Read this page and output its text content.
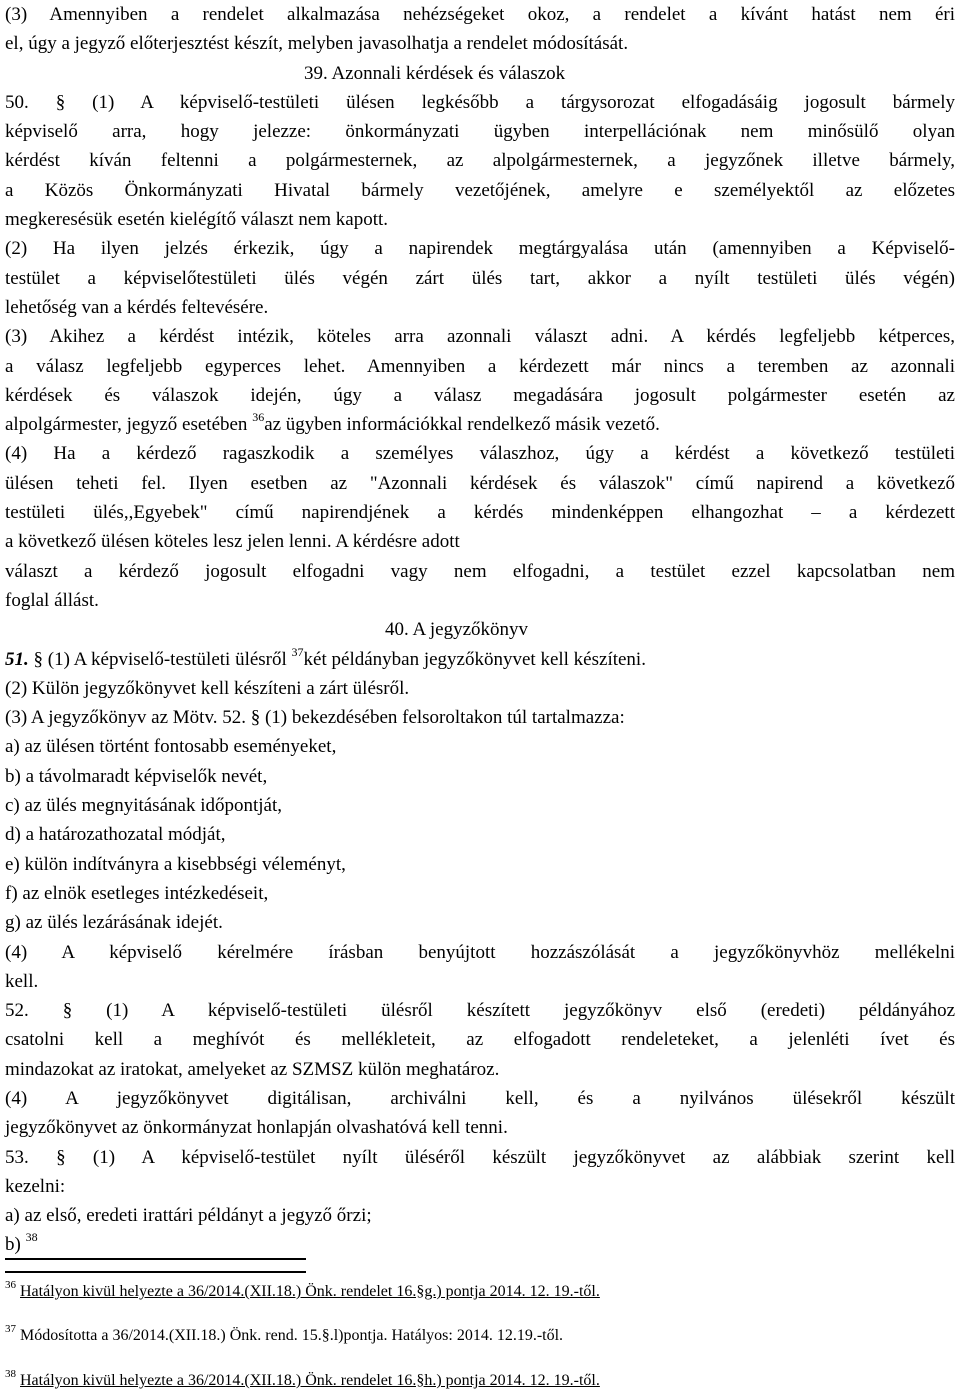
(3) Amennyiben a rendelet alkalmazása nehézségeket okoz, a rendelet a kívánt hatást nem éri
el, úgy a jegyző előterjesztést készít, melyben javasolhatja a rendelet módosítását.
39. Azonnali kérdések és válaszok
50. § (1) A képviselő-testületi ülésen legkésőbb a tárgysorozat elfogadásáig jogosult bármely
képviselő arra, hogy jelezze: önkormányzati ügyben interpellációnak nem minősülő olyan
kérdést kíván feltenni a polgármesternek, az alpolgármesternek, a jegyzőnek illetve bármely,
a Közös Önkormányzati Hivatal bármely vezetőjének, amelyre e személyektől az előzetes
megkeresésük esetén kielégítő választ nem kapott.
(2) Ha ilyen jelzés érkezik, úgy a napirendek megtárgyalása után (amennyiben a Képviselő-
testület a képviselőtestületi ülés végén zárt ülés tart, akkor a nyílt testületi ülés végén)
lehetőség van a kérdés feltevésére.
(3) Akihez a kérdést intézik, köteles arra azonnali választ adni. A kérdés legfeljebb kétperces,
a válasz legfeljebb egyperces lehet. Amennyiben a kérdezett már nincs a teremben az azonnali
kérdések és válaszok idején, úgy a válasz megadására jogosult polgármester esetén az
alpolgármester, jegyző esetében $^{36}$az ügyben információkkal rendelkező másik vezető.
(4) Ha a kérdező ragaszkodik a személyes válaszhoz, úgy a kérdést a következő testületi
ülésen teheti fel. Ilyen esetben az "Azonnali kérdések és válaszok" című napirend a következő
testületi ülés,,Egyebek" című napirendjének a kérdés mindenképpen elhangozhat – a kérdezett
a következő ülésen köteles lesz jelen lenni. A kérdésre adott
választ a kérdező jogosult elfogadni vagy nem elfogadni, a testület ezzel kapcsolatban nem
foglal állást.
40. A jegyzőkönyv
51. § (1) A képviselő-testületi ülésről $^{37}$két példányban jegyzőkönyvet kell készíteni.
(2) Külön jegyzőkönyvet kell készíteni a zárt ülésről.
(3) A jegyzőkönyv az Mötv. 52. § (1) bekezdésében felsoroltakon túl tartalmazza:
a) az ülésen történt fontosabb eseményeket,
b) a távolmaradt képviselők nevét,
c) az ülés megnyitásának időpontját,
d) a határozathozatal módját,
e) külön indítványra a kisebbségi véleményt,
f) az elnök esetleges intézkedéseit,
g) az ülés lezárásának idejét.
(4) A képviselő kérelmére írásban benyújtott hozzászólását a jegyzőkönyvhöz mellékelni
kell.
52. § (1) A képviselő-testületi ülésről készített jegyzőkönyv első (eredeti) példányához
csatolni kell a meghívót és mellékleteit, az elfogadott rendeleteket, a jelenléti ívet és
mindazokat az iratokat, amelyeket az SZMSZ külön meghatároz.
(4) A jegyzőkönyvet digitálisan, archiválni kell, és a nyilvános ülésekről készült
jegyzőkönyvet az önkormányzat honlapján olvashatóvá kell tenni.
53. § (1) A képviselő-testület nyílt üléséről készült jegyzőkönyvet az alábbiak szerint kell
kezelni:
a) az első, eredeti irattári példányt a jegyző őrzi;
b) $^{38}$
$^{36}$ Hatályon kivül helyezte a 36/2014.(XII.18.) Önk. rendelet 16.§g.) pontja 2014. 12. 19.-től.
$^{37}$ Módosította a 36/2014.(XII.18.) Önk. rend. 15.§.l)pontja. Hatályos: 2014. 12.19.-től.
$^{38}$ Hatályon kivül helyezte a 36/2014.(XII.18.) Önk. rendelet 16.§h.) pontja 2014. 12. 19.-től.
